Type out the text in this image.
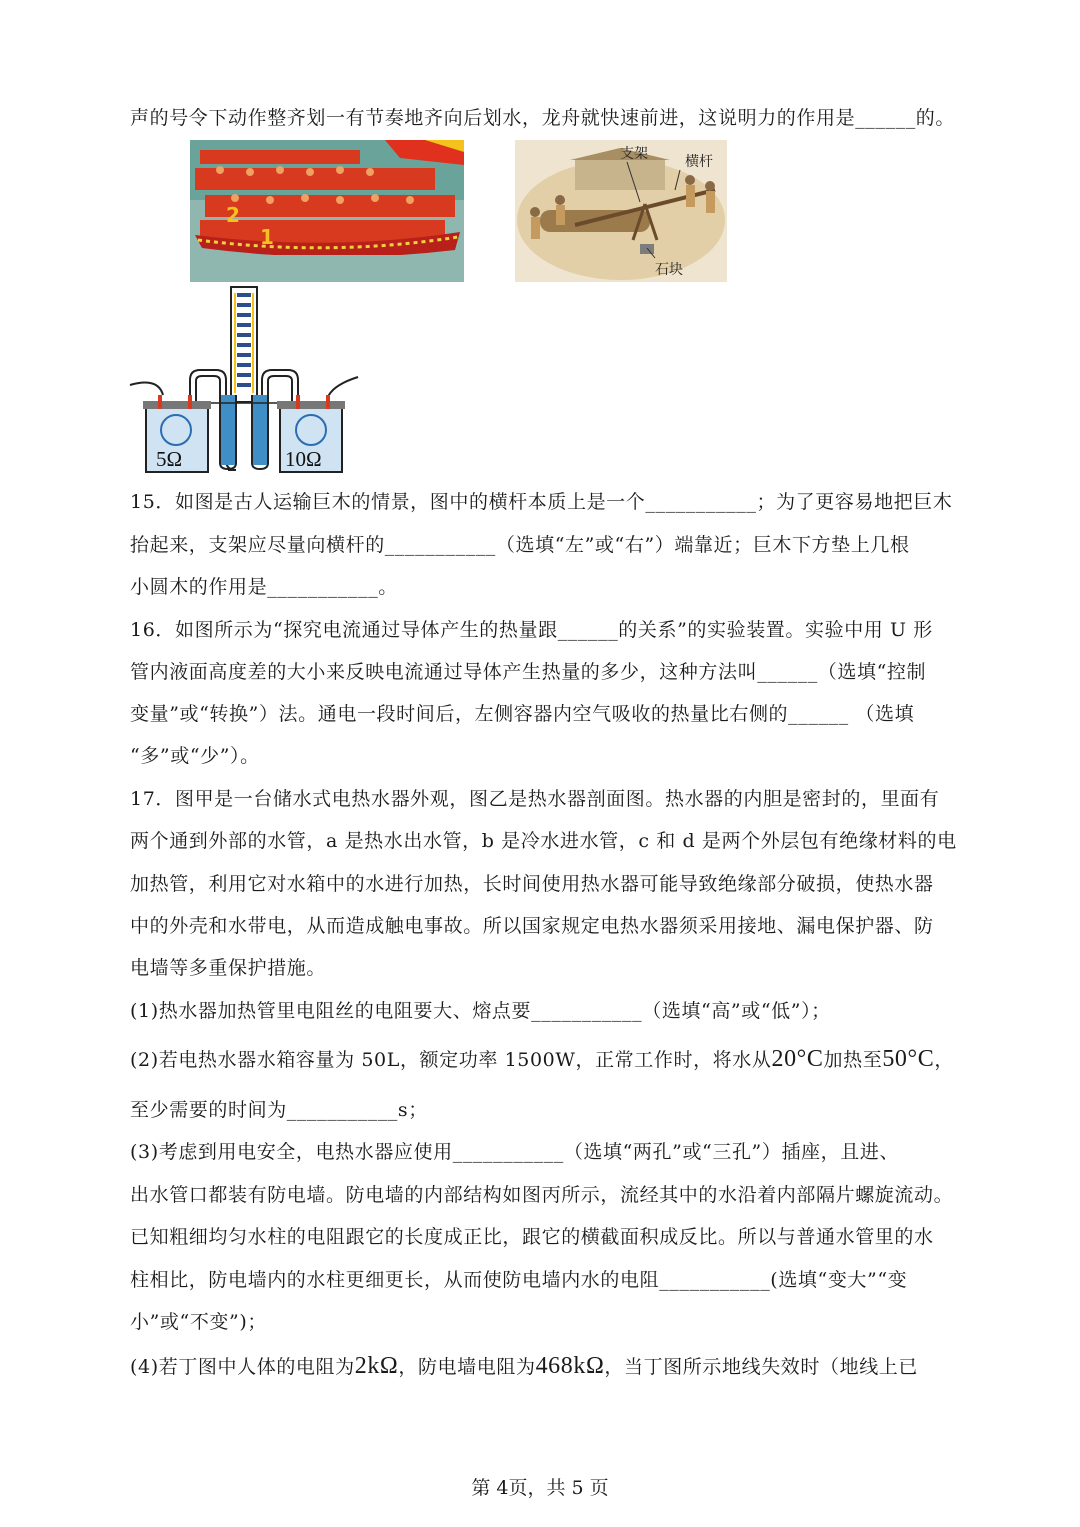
声的号令下动作整齐划一有节奏地齐向后划水，龙舟就快速前进，这说明力的作用是______的。
2
1
支架	横杆
石块
5Ω	10Ω
15．如图是古人运输巨木的情景，图中的横杆本质上是一个___________；为了更容易地把巨木
抬起来，支架应尽量向横杆的___________（选填“左”或“右”）端靠近；巨木下方垫上几根
小圆木的作用是___________。
16．如图所示为“探究电流通过导体产生的热量跟______的关系”的实验装置。实验中用 U 形
管内液面高度差的大小来反映电流通过导体产生热量的多少，这种方法叫______（选填“控制
变量”或“转换”）法。通电一段时间后，左侧容器内空气吸收的热量比右侧的______ （选填
“多”或“少”）。
17．图甲是一台储水式电热水器外观，图乙是热水器剖面图。热水器的内胆是密封的，里面有
两个通到外部的水管，a 是热水出水管，b 是冷水进水管，c 和 d 是两个外层包有绝缘材料的电
加热管，利用它对水箱中的水进行加热，长时间使用热水器可能导致绝缘部分破损，使热水器
中的外壳和水带电，从而造成触电事故。所以国家规定电热水器须采用接地、漏电保护器、防
电墙等多重保护措施。
(1)热水器加热管里电阻丝的电阻要大、熔点要___________（选填“高”或“低”）；
(2)若电热水器水箱容量为 50L，额定功率 1500W，正常工作时，将水从20°C加热至50°C，
至少需要的时间为___________s；
(3)考虑到用电安全，电热水器应使用___________（选填“两孔”或“三孔”）插座，且进、
出水管口都装有防电墙。防电墙的内部结构如图丙所示，流经其中的水沿着内部隔片螺旋流动。
已知粗细均匀水柱的电阻跟它的长度成正比，跟它的横截面积成反比。所以与普通水管里的水
柱相比，防电墙内的水柱更细更长，从而使防电墙内水的电阻___________(选填“变大”“变
小”或“不变”)；
(4)若丁图中人体的电阻为2kΩ，防电墙电阻为468kΩ，当丁图所示地线失效时（地线上已
第 4页，共 5 页
